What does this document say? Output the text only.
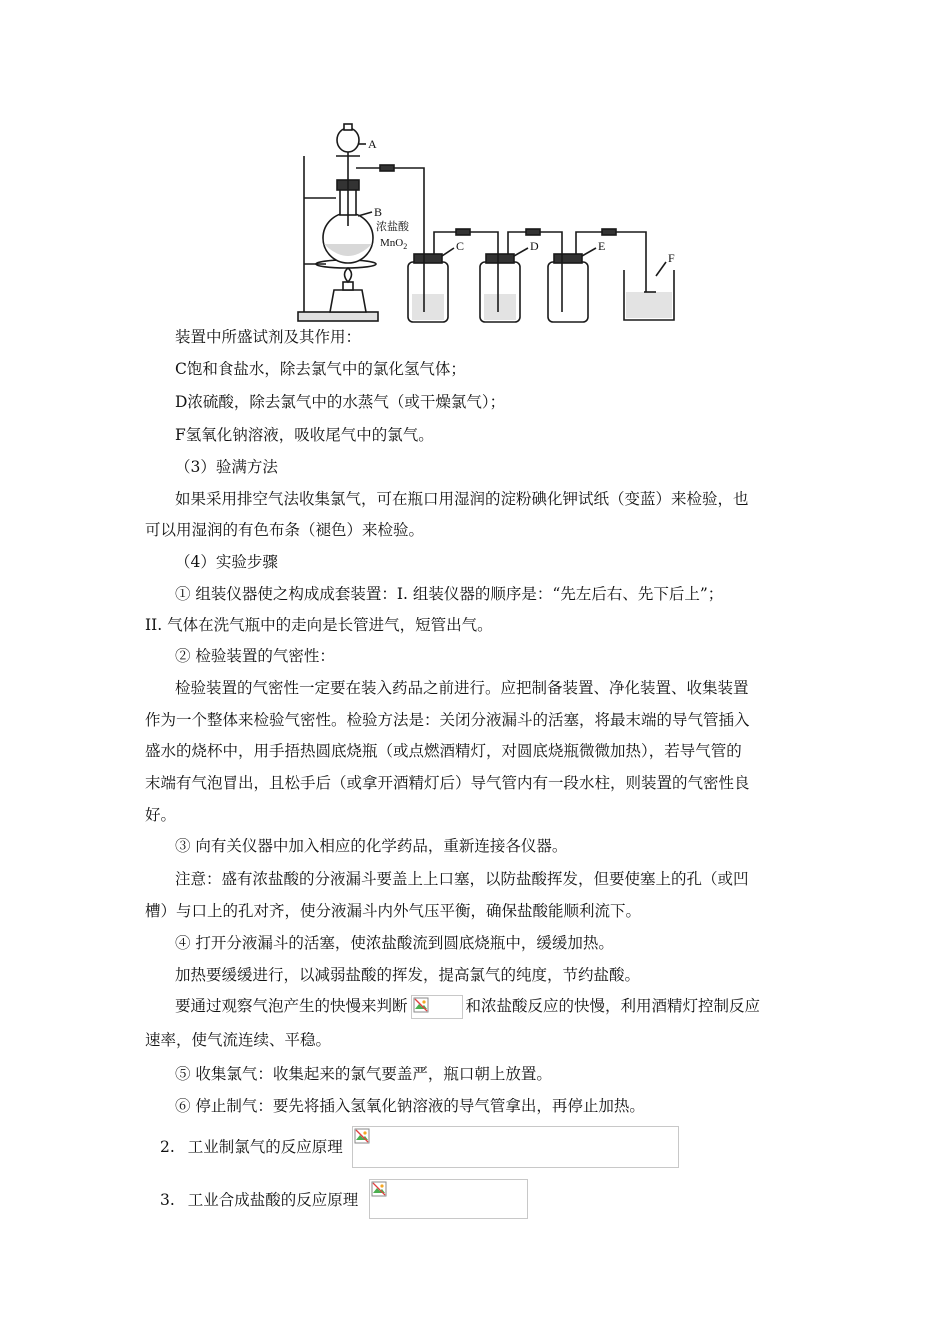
A
B
浓盐酸
MnO$_2$	C	D	E
F
装置中所盛试剂及其作用：
C饱和食盐水，除去氯气中的氯化氢气体；
D浓硫酸，除去氯气中的水蒸气（或干燥氯气）；
F氢氧化钠溶液，吸收尾气中的氯气。
（3）验满方法
如果采用排空气法收集氯气，可在瓶口用湿润的淀粉碘化钾试纸（变蓝）来检验，也
可以用湿润的有色布条（褪色）来检验。
（4）实验步骤
① 组装仪器使之构成成套装置：I. 组装仪器的顺序是：“先左后右、先下后上”；
II. 气体在洗气瓶中的走向是长管进气，短管出气。
② 检验装置的气密性：
检验装置的气密性一定要在装入药品之前进行。应把制备装置、净化装置、收集装置
作为一个整体来检验气密性。检验方法是：关闭分液漏斗的活塞，将最末端的导气管插入
盛水的烧杯中，用手捂热圆底烧瓶（或点燃酒精灯，对圆底烧瓶微微加热），若导气管的
末端有气泡冒出，且松手后（或拿开酒精灯后）导气管内有一段水柱，则装置的气密性良
好。
③ 向有关仪器中加入相应的化学药品，重新连接各仪器。
注意：盛有浓盐酸的分液漏斗要盖上上口塞，以防盐酸挥发，但要使塞上的孔（或凹
槽）与口上的孔对齐，使分液漏斗内外气压平衡，确保盐酸能顺利流下。
④ 打开分液漏斗的活塞，使浓盐酸流到圆底烧瓶中，缓缓加热。
加热要缓缓进行，以减弱盐酸的挥发，提高氯气的纯度，节约盐酸。
要通过观察气泡产生的快慢来判断	和浓盐酸反应的快慢，利用酒精灯控制反应
速率，使气流连续、平稳。
⑤ 收集氯气：收集起来的氯气要盖严，瓶口朝上放置。
⑥ 停止制气：要先将插入氢氧化钠溶液的导气管拿出，再停止加热。
2. 工业制氯气的反应原理
3. 工业合成盐酸的反应原理
